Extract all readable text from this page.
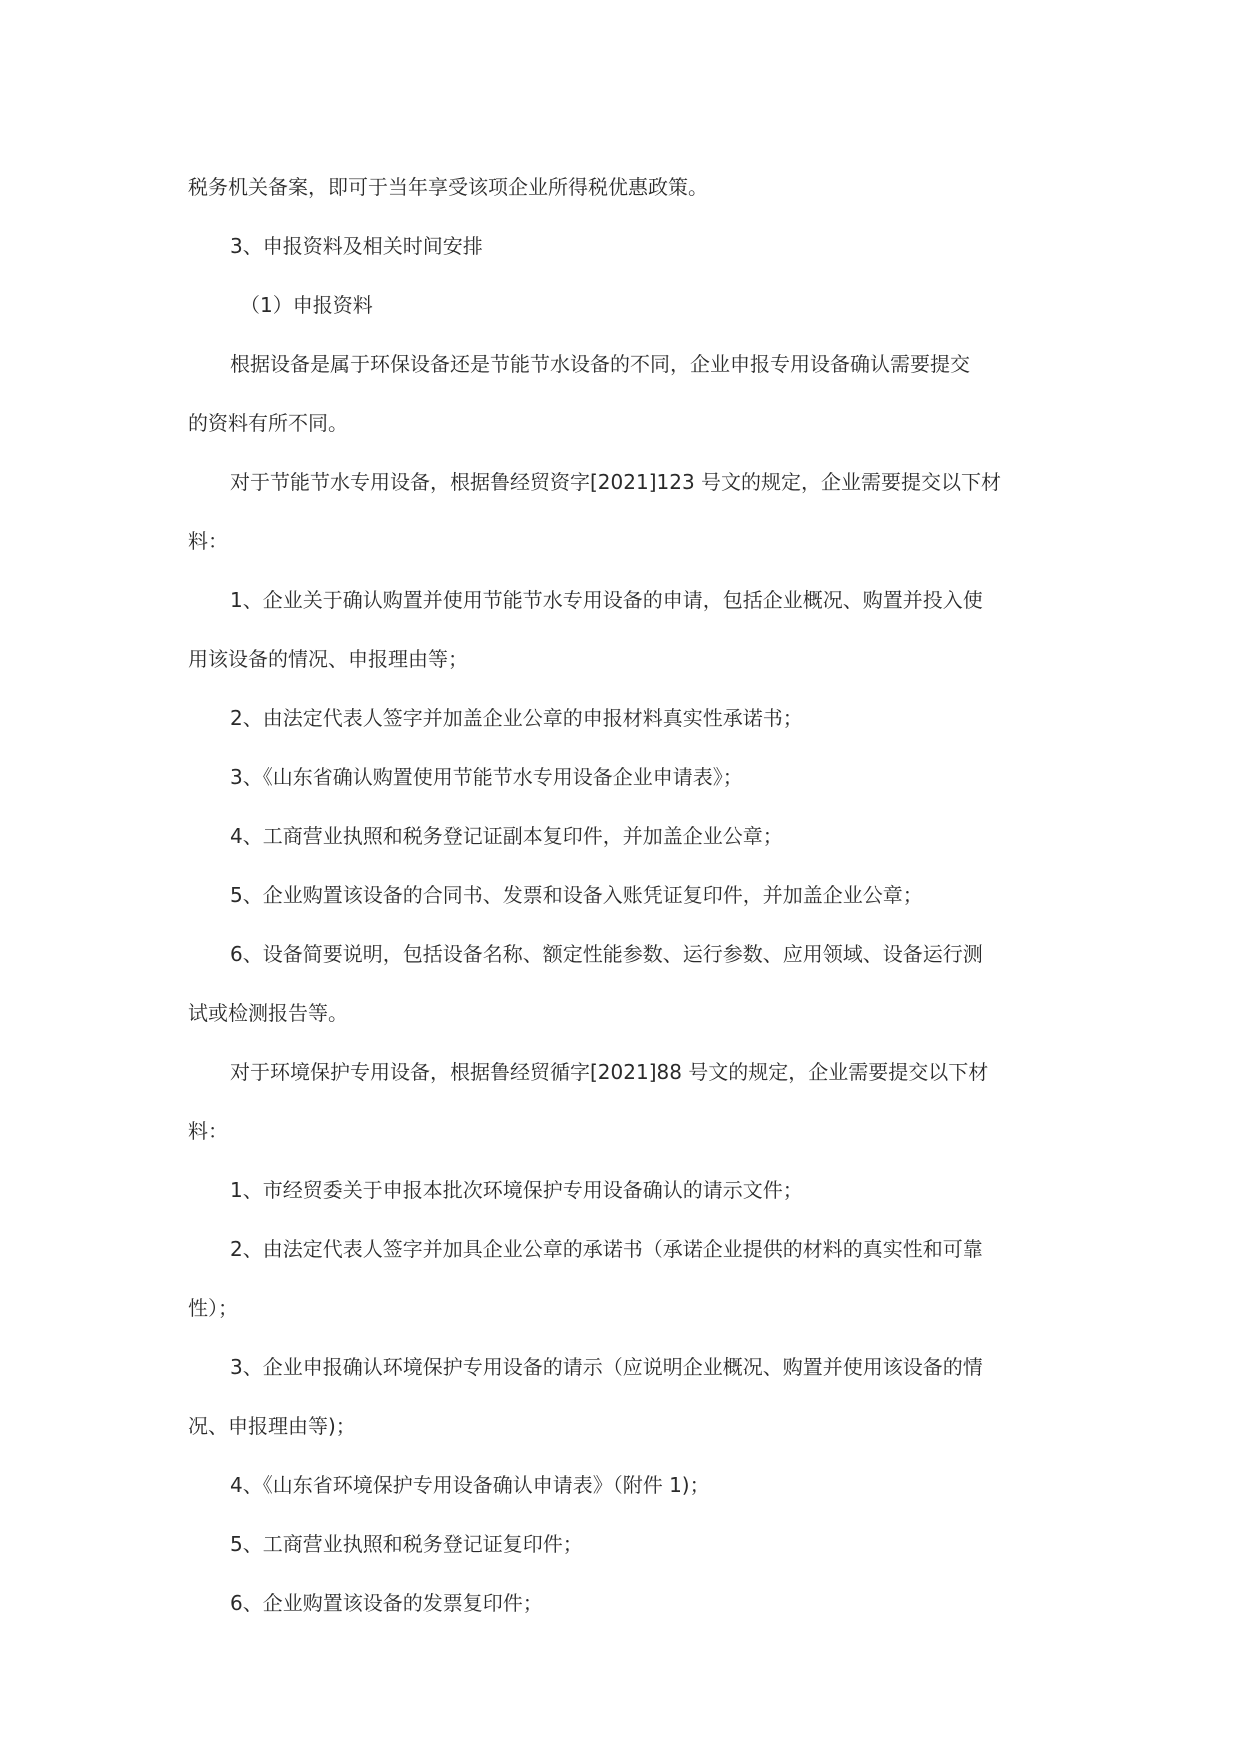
税务机关备案，即可于当年享受该项企业所得税优惠政策。

3、申报资料及相关时间安排

（1）申报资料

根据设备是属于环保设备还是节能节水设备的不同，企业申报专用设备确认需要提交

的资料有所不同。

对于节能节水专用设备，根据鲁经贸资字[2021]123 号文的规定，企业需要提交以下材

料：

1、企业关于确认购置并使用节能节水专用设备的申请，包括企业概况、购置并投入使

用该设备的情况、申报理由等；

2、由法定代表人签字并加盖企业公章的申报材料真实性承诺书；

3、《山东省确认购置使用节能节水专用设备企业申请表》；

4、工商营业执照和税务登记证副本复印件，并加盖企业公章；

5、企业购置该设备的合同书、发票和设备入账凭证复印件，并加盖企业公章；

6、设备简要说明，包括设备名称、额定性能参数、运行参数、应用领域、设备运行测

试或检测报告等。

对于环境保护专用设备，根据鲁经贸循字[2021]88 号文的规定，企业需要提交以下材

料：

1、市经贸委关于申报本批次环境保护专用设备确认的请示文件；

2、由法定代表人签字并加具企业公章的承诺书（承诺企业提供的材料的真实性和可靠

性）；

3、企业申报确认环境保护专用设备的请示（应说明企业概况、购置并使用该设备的情

况、申报理由等)；

4、《山东省环境保护专用设备确认申请表》（附件 1)；

5、工商营业执照和税务登记证复印件；

6、企业购置该设备的发票复印件；
